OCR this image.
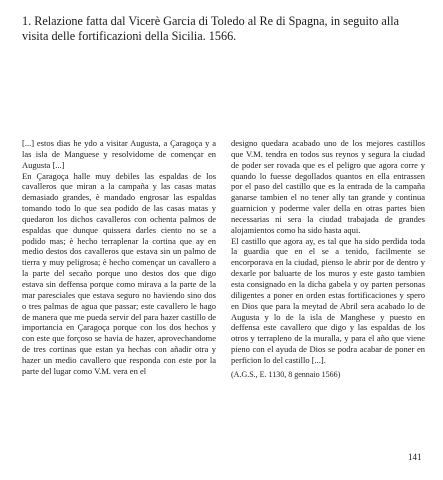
1. Relazione fatta dal Vicerè Garcia di Toledo al Re di Spagna, in seguito alla visita delle fortificazioni della Sicilia. 1566.

[...] estos dias he ydo a visitar Augusta, a Çaragoça y a las isla de Manguese y resolvidome de començar en Augusta [...]

En Çaragoça halle muy debiles las espaldas de los cavalleros que miran a la campaña y las casas matas demasiado grandes, è mandado engrosar las espaldas tomando todo lo que sea podido de las casas matas y quedaron los dichos cavalleros con ochenta palmos de espaldas que dunque quissera darles ciento no se a podido mas; è hecho terraplenar la cortina que ay en medio destos dos cavalleros que estava sin un palmo de tierra y muy peligrosa; è hecho començar un cavallero a la parte del secaño porque uno destos dos que digo estava sin deffensa porque como mirava a la parte de la mar paresciales que estava seguro no haviendo sino dos o tres palmas de agua que passar; este cavallero le hago de manera que me pueda servir del para hazer castillo de importancia en Çaragoça porque con los dos hechos y con este que forçoso se havia de hazer, aprovechandome de tres cortinas que estan ya hechas con añadir otra y hazer un medio cavallero que responda con este por la parte del lugar como V.M. vera en el

designo quedara acabado uno de los mejores castillos que V.M. tendra en todos sus reynos y segura la ciudad de poder ser rovada que es el peligro que agora corre y quando lo fuesse degollados quantos en ella entrassen por el paso del castillo que es la entrada de la campaña ganarse tambien el no tener ally tan grande y continua guarnicion y poderme valer della en otras partes bien necessarias ni sera la ciudad trabajada de grandes alojamientos como ha sido hasta aqui.

El castillo que agora ay, es tal que ha sido perdida toda la guardia que en el se a tenido, facilmente se encorporava en la ciudad, pienso le abrir por de dentro y dexarle por baluarte de los muros y este gasto tambien esta consignado en la dicha gabela y oy parten personas diligentes a poner en orden estas fortificaciones y spero en Dios que para la meytad de Abril sera acabado lo de Augusta y lo de la isla de Manghese y puesto en deffensa este cavallero que digo y las espaldas de los otros y terrapleno de la muralla, y para el año que viene pieno con el ayuda de Dios se podra acabar de poner en perficion lo del castillo [...].

(A.G.S., E. 1130, 8 gennaio 1566)

141
